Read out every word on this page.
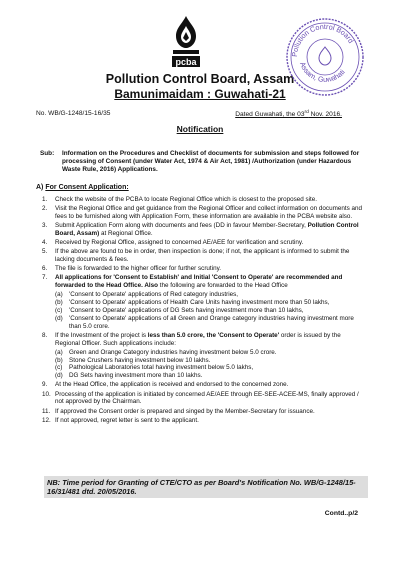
pcba
Pollution Control Board, Assam
Bamunimaidam : Guwahati-21
Pollution Control Board
Assam, Guwahati
No. WB/G-1248/15-16/35	Dated Guwahati, the 03rd Nov. 2016.
Notification
Sub: Information on the Procedures and Checklist of documents for submission and steps followed for processing of Consent (under Water Act, 1974 & Air Act, 1981) /Authorization (under Hazardous Waste Rule, 2016) Applications.
A) For Consent Application:
1. Check the website of the PCBA to locate Regional Office which is closest to the proposed site.
2. Visit the Regional Office and get guidance from the Regional Officer and collect information on documents and fees to be furnished along with Application Form, these information are available in the PCBA website also.
3. Submit Application Form along with documents and fees (DD in favour Member-Secretary, Pollution Control Board, Assam) at Regional Office.
4. Received by Regional Office, assigned to concerned AE/AEE for verification and scrutiny.
5. If the above are found to be in order, then inspection is done; if not, the applicant is informed to submit the lacking documents & fees.
6. The file is forwarded to the higher officer for further scrutiny.
7. All applications for 'Consent to Establish' and Initial 'Consent to Operate' are recommended and forwarded to the Head Office. Also the following are forwarded to the Head Office
(a) 'Consent to Operate' applications of Red category industries,
(b) 'Consent to Operate' applications of Health Care Units having investment more than 50 lakhs,
(c) 'Consent to Operate' applications of DG Sets having investment more than 10 lakhs,
(d) 'Consent to Operate' applications of all Green and Orange category industries having investment more than 5.0 crore.
8. If the Investment of the project is less than 5.0 crore, the 'Consent to Operate' order is issued by the Regional Officer. Such applications include:
(a) Green and Orange Category industries having investment below 5.0 crore.
(b) Stone Crushers having investment below 10 lakhs.
(c) Pathological Laboratories total having investment below 5.0 lakhs,
(d) DG Sets having investment more than 10 lakhs.
9. At the Head Office, the application is received and endorsed to the concerned zone.
10. Processing of the application is initiated by concerned AE/AEE through EE-SEE-ACEE-MS, finally approved / not approved by the Chairman.
11. If approved the Consent order is prepared and singed by the Member-Secretary for issuance.
12. If not approved, regret letter is sent to the applicant.
NB: Time period for Granting of CTE/CTO as per Board's Notification No. WB/G-1248/15-16/31/481 dtd. 20/05/2016.
Contd..p/2
